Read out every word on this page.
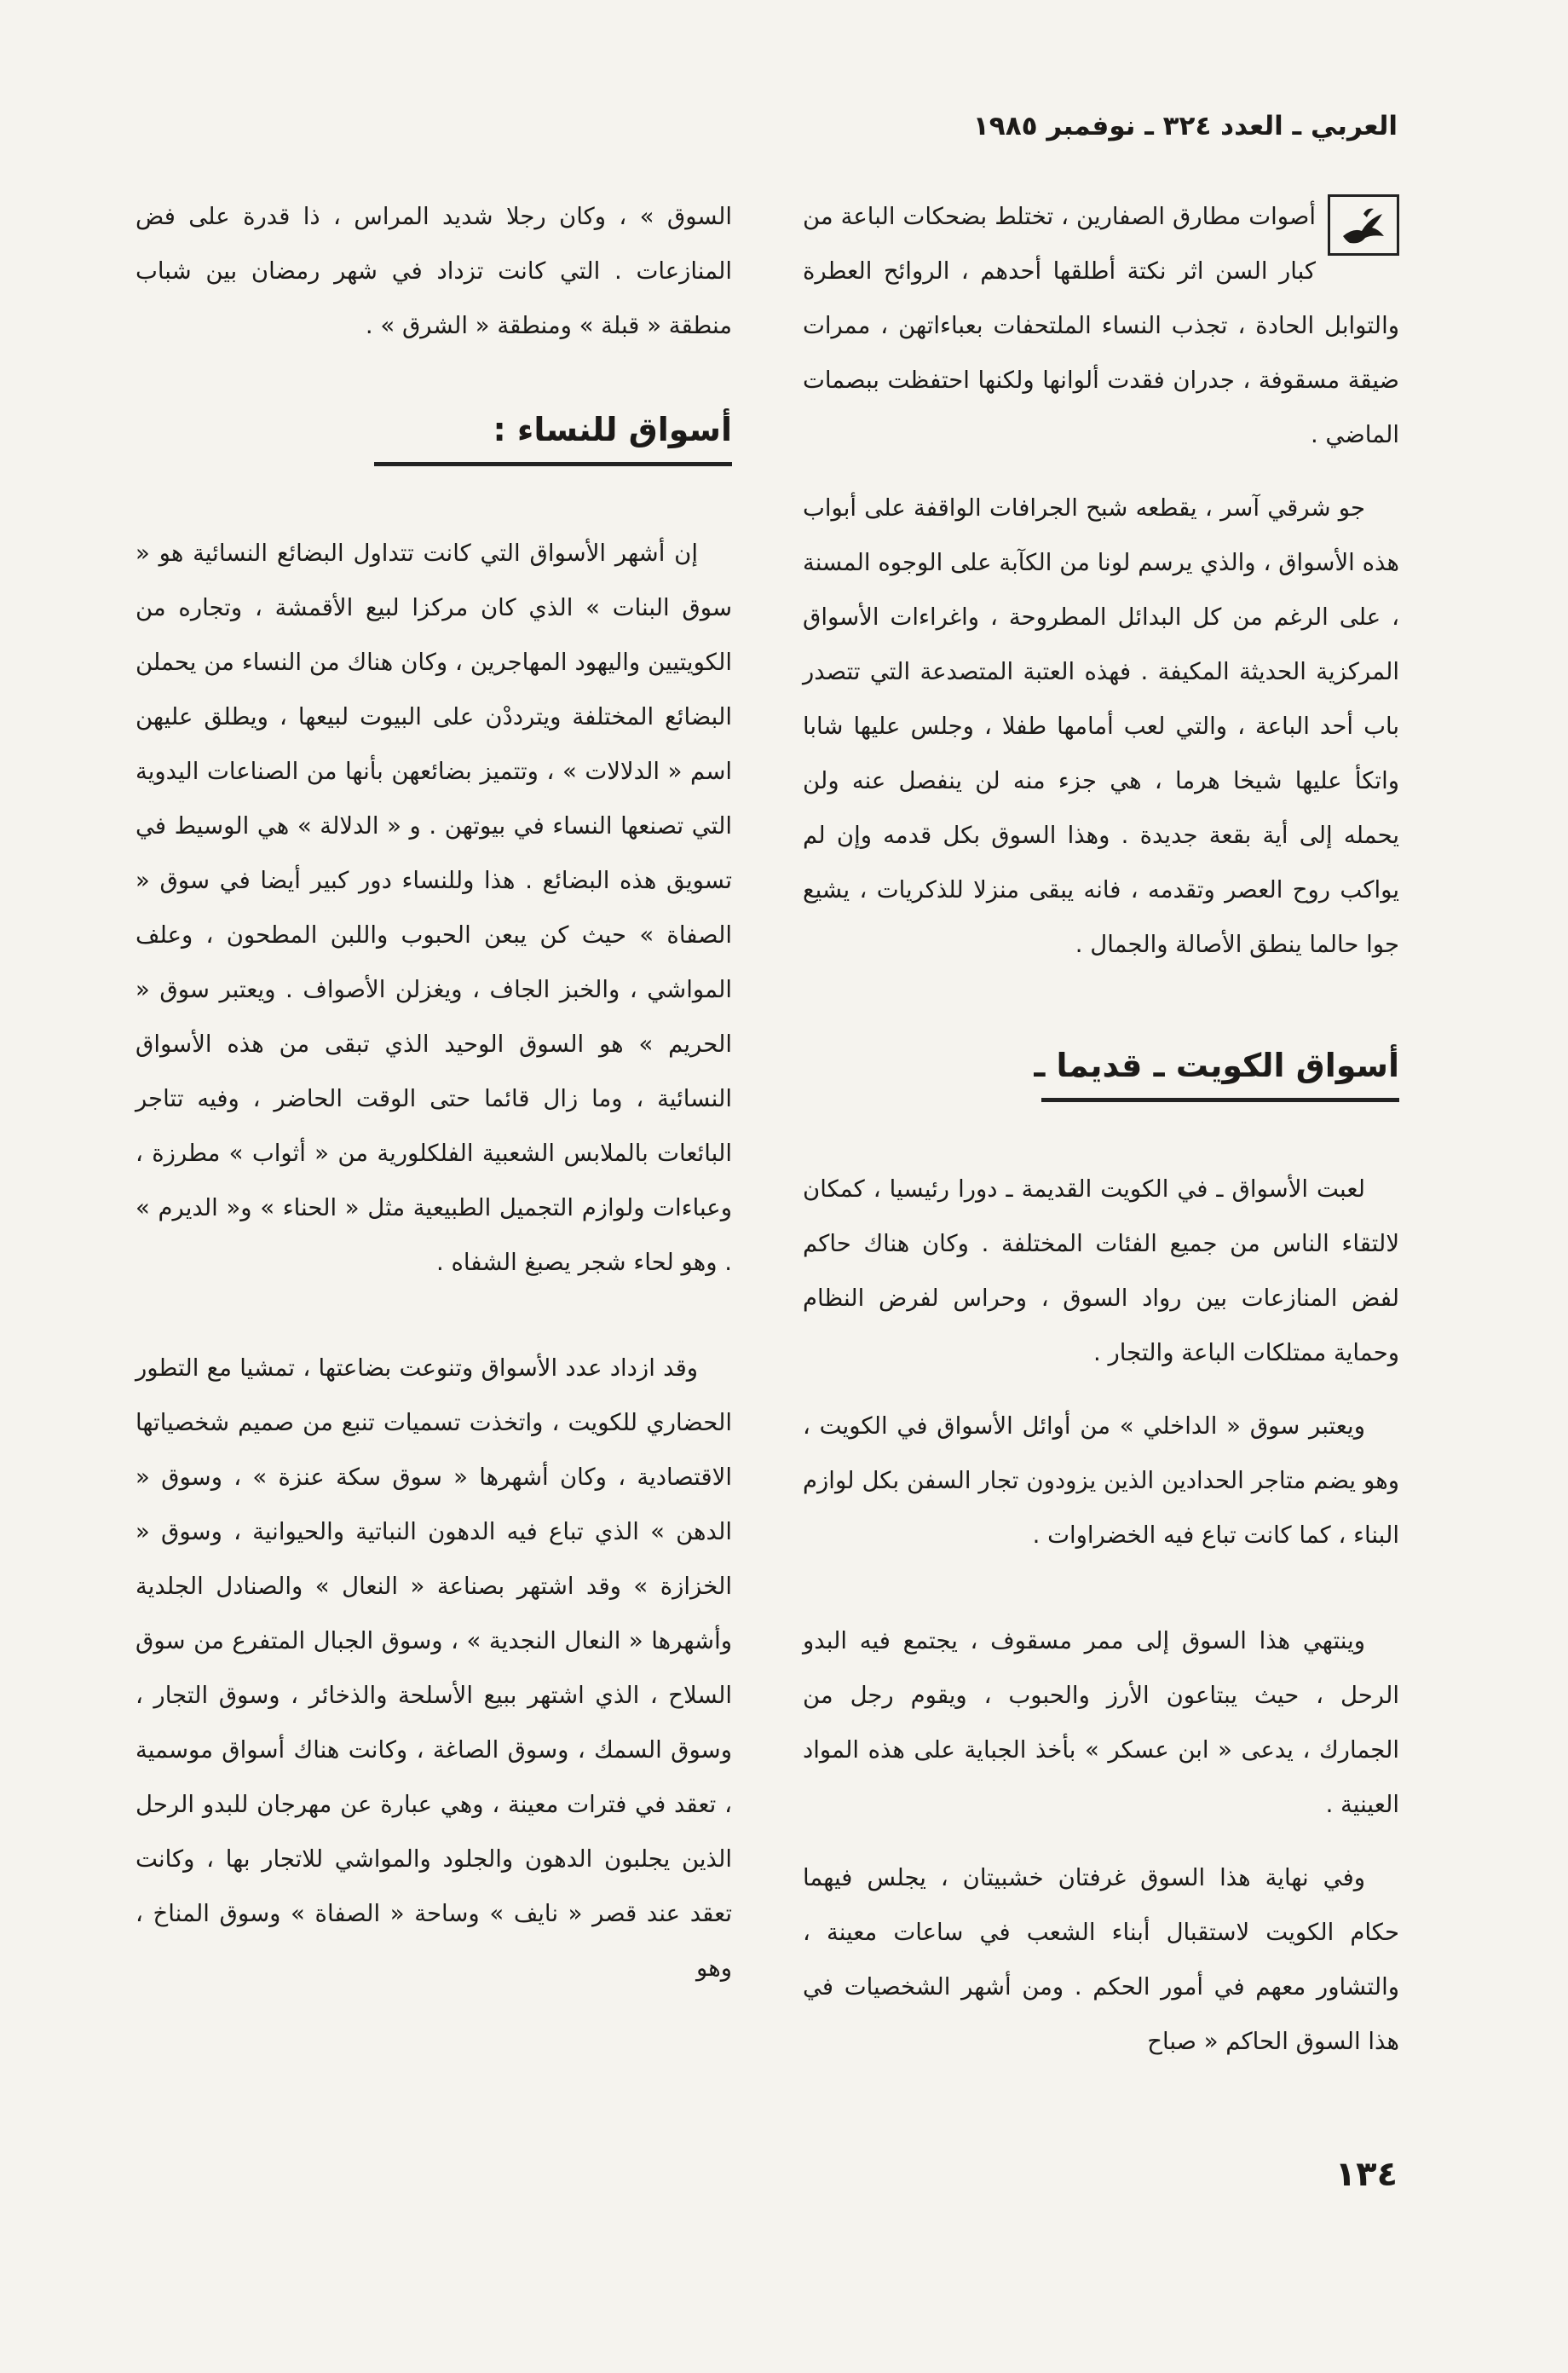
العربي ـ العدد ٣٢٤ ـ نوفمبر ١٩٨٥

أصوات مطارق الصفارين ، تختلط بضحكات الباعة من كبار السن اثر نكتة أطلقها أحدهم ، الروائح العطرة والتوابل الحادة ، تجذب النساء الملتحفات بعباءاتهن ، ممرات ضيقة مسقوفة ، جدران فقدت ألوانها ولكنها احتفظت ببصمات الماضي .

جو شرقي آسر ، يقطعه شبح الجرافات الواقفة على أبواب هذه الأسواق ، والذي يرسم لونا من الكآبة على الوجوه المسنة ، على الرغم من كل البدائل المطروحة ، واغراءات الأسواق المركزية الحديثة المكيفة . فهذه العتبة المتصدعة التي تتصدر باب أحد الباعة ، والتي لعب أمامها طفلا ، وجلس عليها شابا واتكأ عليها شيخا هرما ، هي جزء منه لن ينفصل عنه ولن يحمله إلى أية بقعة جديدة . وهذا السوق بكل قدمه وإن لم يواكب روح العصر وتقدمه ، فانه يبقى منزلا للذكريات ، يشيع جوا حالما ينطق الأصالة والجمال .

أسواق الكويت ـ قديما ـ

لعبت الأسواق ـ في الكويت القديمة ـ دورا رئيسيا ، كمكان لالتقاء الناس من جميع الفئات المختلفة . وكان هناك حاكم لفض المنازعات بين رواد السوق ، وحراس لفرض النظام وحماية ممتلكات الباعة والتجار .

ويعتبر سوق « الداخلي » من أوائل الأسواق في الكويت ، وهو يضم متاجر الحدادين الذين يزودون تجار السفن بكل لوازم البناء ، كما كانت تباع فيه الخضراوات .

وينتهي هذا السوق إلى ممر مسقوف ، يجتمع فيه البدو الرحل ، حيث يبتاعون الأرز والحبوب ، ويقوم رجل من الجمارك ، يدعى « ابن عسكر » بأخذ الجباية على هذه المواد العينية .

وفي نهاية هذا السوق غرفتان خشبيتان ، يجلس فيهما حكام الكويت لاستقبال أبناء الشعب في ساعات معينة ، والتشاور معهم في أمور الحكم . ومن أشهر الشخصيات في هذا السوق الحاكم « صباح

السوق » ، وكان رجلا شديد المراس ، ذا قدرة على فض المنازعات . التي كانت تزداد في شهر رمضان بين شباب منطقة « قبلة » ومنطقة « الشرق » .

أسواق للنساء :

إن أشهر الأسواق التي كانت تتداول البضائع النسائية هو « سوق البنات » الذي كان مركزا لبيع الأقمشة ، وتجاره من الكويتيين واليهود المهاجرين ، وكان هناك من النساء من يحملن البضائع المختلفة ويترددْن على البيوت لبيعها ، ويطلق عليهن اسم « الدلالات » ، وتتميز بضائعهن بأنها من الصناعات اليدوية التي تصنعها النساء في بيوتهن . و « الدلالة » هي الوسيط في تسويق هذه البضائع . هذا وللنساء دور كبير أيضا في سوق « الصفاة » حيث كن يبعن الحبوب واللبن المطحون ، وعلف المواشي ، والخبز الجاف ، ويغزلن الأصواف . ويعتبر سوق « الحريم » هو السوق الوحيد الذي تبقى من هذه الأسواق النسائية ، وما زال قائما حتى الوقت الحاضر ، وفيه تتاجر البائعات بالملابس الشعبية الفلكلورية من « أثواب » مطرزة ، وعباءات ولوازم التجميل الطبيعية مثل « الحناء » و« الديرم » . وهو لحاء شجر يصبغ الشفاه .

وقد ازداد عدد الأسواق وتنوعت بضاعتها ، تمشيا مع التطور الحضاري للكويت ، واتخذت تسميات تنبع من صميم شخصياتها الاقتصادية ، وكان أشهرها « سوق سكة عنزة » ، وسوق « الدهن » الذي تباع فيه الدهون النباتية والحيوانية ، وسوق « الخزازة » وقد اشتهر بصناعة « النعال » والصنادل الجلدية وأشهرها « النعال النجدية » ، وسوق الجبال المتفرع من سوق السلاح ، الذي اشتهر ببيع الأسلحة والذخائر ، وسوق التجار ، وسوق السمك ، وسوق الصاغة ، وكانت هناك أسواق موسمية ، تعقد في فترات معينة ، وهي عبارة عن مهرجان للبدو الرحل الذين يجلبون الدهون والجلود والمواشي للاتجار بها ، وكانت تعقد عند قصر « نايف » وساحة « الصفاة » وسوق المناخ ، وهو

١٣٤
